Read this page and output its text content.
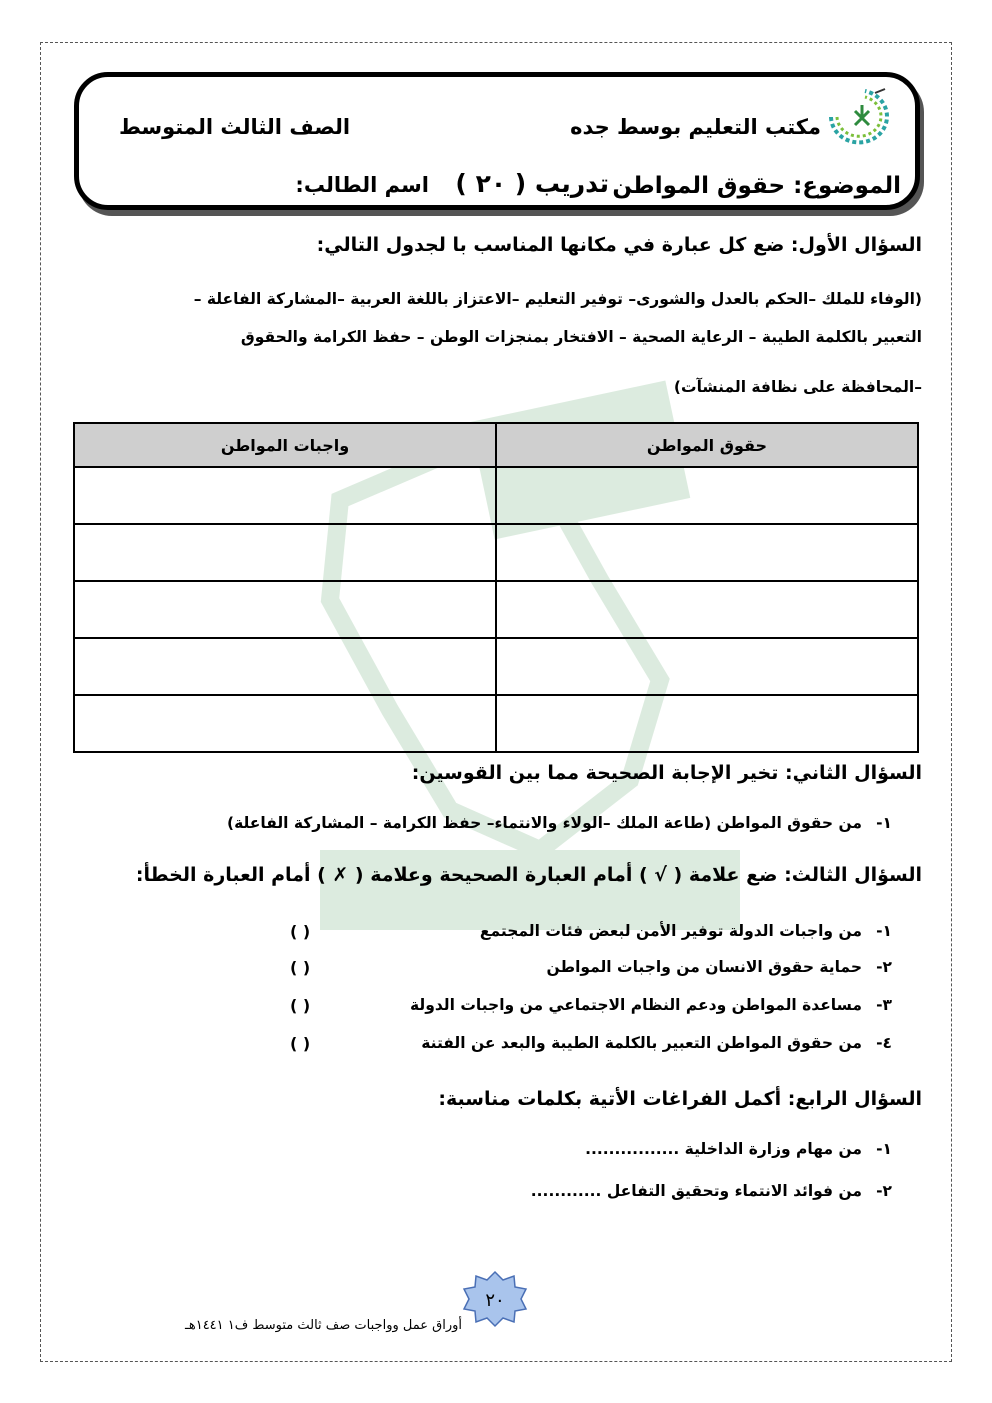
مكتب التعليم بوسط جده
الصف الثالث المتوسط
الموضوع: حقوق المواطن
تدريب ( ٢٠ )
اسم الطالب:
السؤال الأول: ضع كل عبارة في مكانها المناسب با لجدول التالي:
(الوفاء للملك –الحكم بالعدل والشورى– توفير التعليم –الاعتزاز باللغة العربية –المشاركة الفاعلة –
التعبير بالكلمة الطيبة – الرعاية الصحية – الافتخار بمنجزات الوطن – حفظ الكرامة والحقوق
–المحافظة على نظافة المنشآت)
حقوق المواطن	واجبات المواطن

السؤال الثاني: تخير الإجابة الصحيحة مما بين القوسين:
١-من حقوق المواطن (طاعة الملك –الولاء والانتماء– حفظ الكرامة – المشاركة الفاعلة)
السؤال الثالث: ضع علامة ( √ ) أمام العبارة الصحيحة وعلامة ( ✗ ) أمام العبارة الخطأ:
١-من واجبات الدولة توفير الأمن لبعض فئات المجتمع
( )
٢-حماية حقوق الانسان من واجبات المواطن
( )
٣-مساعدة المواطن ودعم النظام الاجتماعي من واجبات الدولة
( )
٤-من حقوق المواطن التعبير بالكلمة الطيبة والبعد عن الفتنة
( )
السؤال الرابع: أكمل الفراغات الأتية بكلمات مناسبة:
١-من مهام وزارة الداخلية ................
٢-من فوائد الانتماء وتحقيق التفاعل ............
٢٠
أوراق عمل وواجبات صف ثالث متوسط ف١ ١٤٤١هـ
